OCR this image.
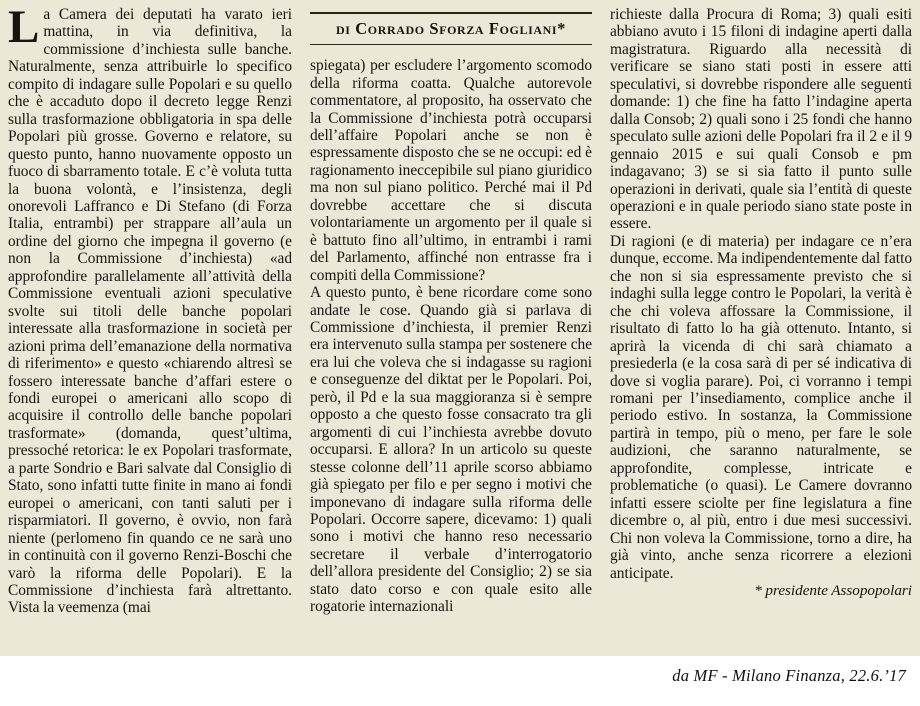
La Camera dei deputati ha varato ieri mattina, in via definitiva, la commissione d’inchiesta sulle banche. Naturalmente, senza attribuirle lo specifico compito di indagare sulle Popolari e su quello che è accaduto dopo il decreto legge Renzi sulla trasformazione obbligatoria in spa delle Popolari più grosse. Governo e relatore, su questo punto, hanno nuovamente opposto un fuoco di sbarramento totale. E c’è voluta tutta la buona volontà, e l’insistenza, degli onorevoli Laffranco e Di Stefano (di Forza Italia, entrambi) per strappare all’aula un ordine del giorno che impegna il governo (e non la Commissione d’inchiesta) «ad approfondire parallelamente all’attività della Commissione eventuali azioni speculative svolte sui titoli delle banche popolari interessate alla trasformazione in società per azioni prima dell’emanazione della normativa di riferimento» e questo «chiarendo altresì se fossero interessate banche d’affari estere o fondi europei o americani allo scopo di acquisire il controllo delle banche popolari trasformate» (domanda, quest’ultima, pressoché retorica: le ex Popolari trasformate, a parte Sondrio e Bari salvate dal Consiglio di Stato, sono infatti tutte finite in mano ai fondi europei o americani, con tanti saluti per i risparmiatori. Il governo, è ovvio, non farà niente (perlomeno fin quando ce ne sarà uno in continuità con il governo Renzi-Boschi che varò la riforma delle Popolari). E la Commissione d’inchiesta farà altrettanto. Vista la veemenza (mai
di Corrado Sforza Fogliani*

spiegata) per escludere l’argomento scomodo della riforma coatta. Qualche autorevole commentatore, al proposito, ha osservato che la Commissione d’inchiesta potrà occuparsi dell’affaire Popolari anche se non è espressamente disposto che se ne occupi: ed è ragionamento ineccepibile sul piano giuridico ma non sul piano politico. Perché mai il Pd dovrebbe accettare che si discuta volontariamente un argomento per il quale si è battuto fino all’ultimo, in entrambi i rami del Parlamento, affinché non entrasse fra i compiti della Commissione?

A questo punto, è bene ricordare come sono andate le cose. Quando già si parlava di Commissione d’inchiesta, il premier Renzi era intervenuto sulla stampa per sostenere che era lui che voleva che si indagasse su ragioni e conseguenze del diktat per le Popolari. Poi, però, il Pd e la sua maggioranza si è sempre opposto a che questo fosse consacrato tra gli argomenti di cui l’inchiesta avrebbe dovuto occuparsi. E allora? In un articolo su queste stesse colonne dell’11 aprile scorso abbiamo già spiegato per filo e per segno i motivi che imponevano di indagare sulla riforma delle Popolari. Occorre sapere, dicevamo: 1) quali sono i motivi che hanno reso necessario secretare il verbale d’interrogatorio dell’allora presidente del Consiglio; 2) se sia stato dato corso e con quale esito alle rogatorie internazionali

richieste dalla Procura di Roma; 3) quali esiti abbiano avuto i 15 filoni di indagine aperti dalla magistratura. Riguardo alla necessità di verificare se siano stati posti in essere atti speculativi, si dovrebbe rispondere alle seguenti domande: 1) che fine ha fatto l’indagine aperta dalla Consob; 2) quali sono i 25 fondi che hanno speculato sulle azioni delle Popolari fra il 2 e il 9 gennaio 2015 e sui quali Consob e pm indagavano; 3) se si sia fatto il punto sulle operazioni in derivati, quale sia l’entità di queste operazioni e in quale periodo siano state poste in essere.

Di ragioni (e di materia) per indagare ce n’era dunque, eccome. Ma indipendentemente dal fatto che non si sia espressamente previsto che si indaghi sulla legge contro le Popolari, la verità è che chi voleva affossare la Commissione, il risultato di fatto lo ha già ottenuto. Intanto, si aprirà la vicenda di chi sarà chiamato a presiederla (e la cosa sarà di per sé indicativa di dove si voglia parare). Poi, ci vorranno i tempi romani per l’insediamento, complice anche il periodo estivo. In sostanza, la Commissione partirà in tempo, più o meno, per fare le sole audizioni, che saranno naturalmente, se approfondite, complesse, intricate e problematiche (o quasi). Le Camere dovranno infatti essere sciolte per fine legislatura a fine dicembre o, al più, entro i due mesi successivi. Chi non voleva la Commissione, torno a dire, ha già vinto, anche senza ricorrere a elezioni anticipate.

* presidente Assopopolari
da MF - Milano Finanza, 22.6.’17
